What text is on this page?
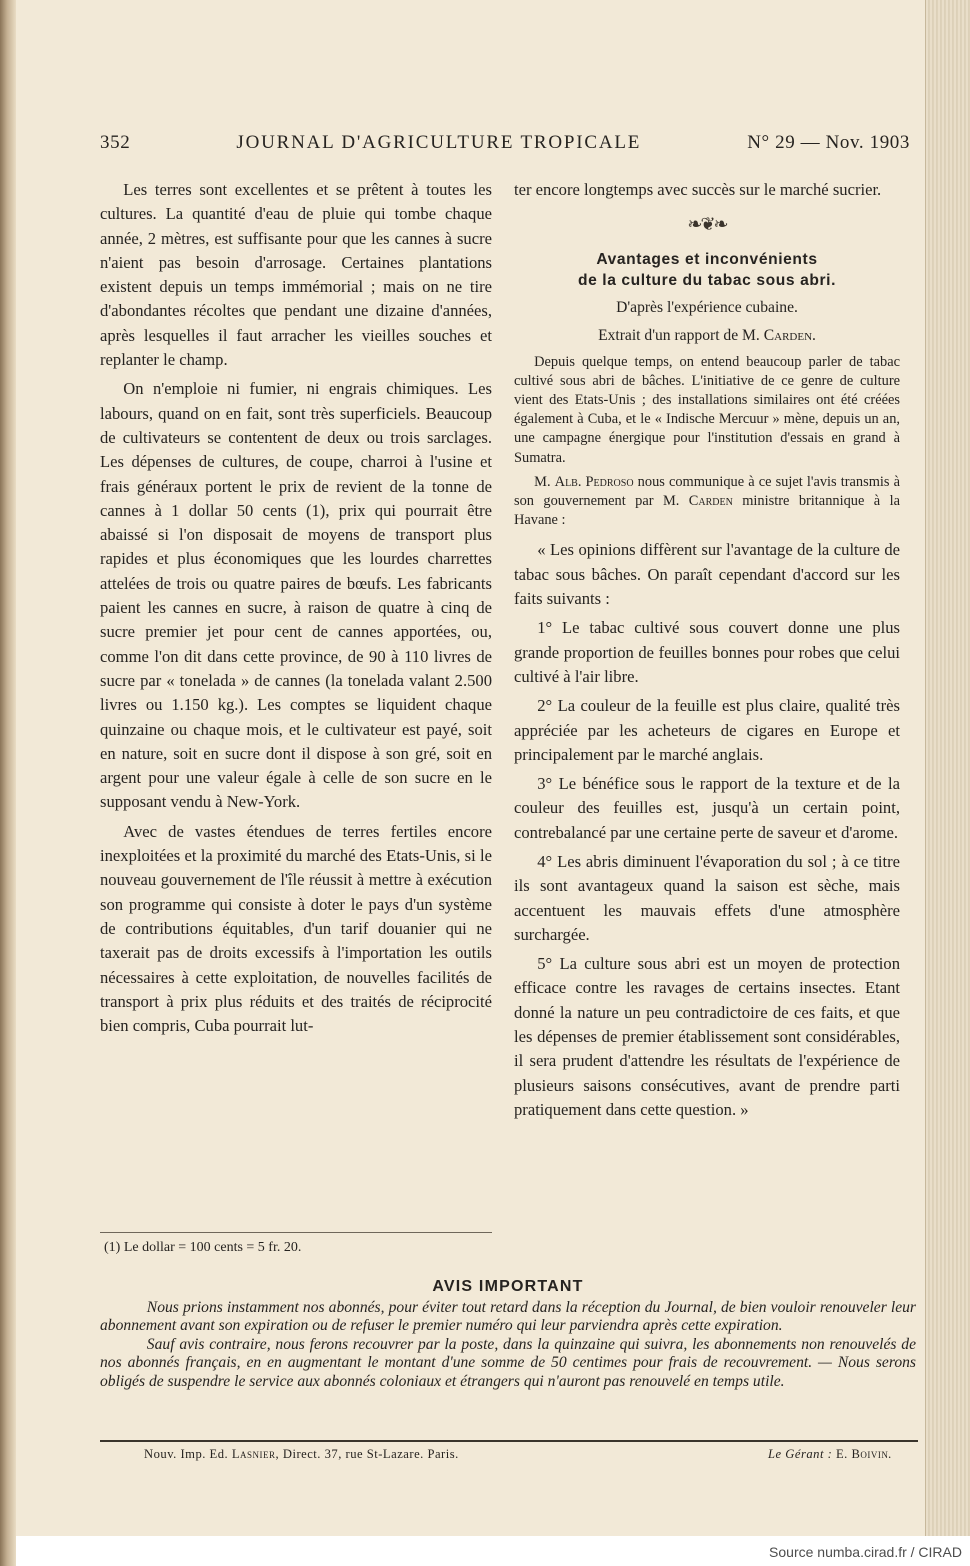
352	JOURNAL D'AGRICULTURE TROPICALE	N° 29 — Nov. 1903

Les terres sont excellentes et se prêtent à toutes les cultures. La quantité d'eau de pluie qui tombe chaque année, 2 mètres, est suffisante pour que les cannes à sucre n'aient pas besoin d'arrosage. Certaines plantations existent depuis un temps immémorial ; mais on ne tire d'abondantes récoltes que pendant une dizaine d'années, après lesquelles il faut arracher les vieilles souches et replanter le champ.

On n'emploie ni fumier, ni engrais chimiques. Les labours, quand on en fait, sont très superficiels. Beaucoup de cultivateurs se contentent de deux ou trois sarclages. Les dépenses de cultures, de coupe, charroi à l'usine et frais généraux portent le prix de revient de la tonne de cannes à 1 dollar 50 cents (1), prix qui pourrait être abaissé si l'on disposait de moyens de transport plus rapides et plus économiques que les lourdes charrettes attelées de trois ou quatre paires de bœufs. Les fabricants paient les cannes en sucre, à raison de quatre à cinq de sucre premier jet pour cent de cannes apportées, ou, comme l'on dit dans cette province, de 90 à 110 livres de sucre par « tonelada » de cannes (la tonelada valant 2.500 livres ou 1.150 kg.). Les comptes se liquident chaque quinzaine ou chaque mois, et le cultivateur est payé, soit en nature, soit en sucre dont il dispose à son gré, soit en argent pour une valeur égale à celle de son sucre en le supposant vendu à New-York.

Avec de vastes étendues de terres fertiles encore inexploitées et la proximité du marché des Etats-Unis, si le nouveau gouvernement de l'île réussit à mettre à exécution son programme qui consiste à doter le pays d'un système de contributions équitables, d'un tarif douanier qui ne taxerait pas de droits excessifs à l'importation les outils nécessaires à cette exploitation, de nouvelles facilités de transport à prix plus réduits et des traités de réciprocité bien compris, Cuba pourrait lut-

(1) Le dollar = 100 cents = 5 fr. 20.

ter encore longtemps avec succès sur le marché sucrier.

❧❦❧
Avantages et inconvénients
de la culture du tabac sous abri.
D'après l'expérience cubaine.
Extrait d'un rapport de M. Carden.

Depuis quelque temps, on entend beaucoup parler de tabac cultivé sous abri de bâches. L'initiative de ce genre de culture vient des Etats-Unis ; des installations similaires ont été créées également à Cuba, et le « Indische Mercuur » mène, depuis un an, une campagne énergique pour l'institution d'essais en grand à Sumatra.

M. Alb. Pedroso nous communique à ce sujet l'avis transmis à son gouvernement par M. Carden ministre britannique à la Havane :

« Les opinions diffèrent sur l'avantage de la culture de tabac sous bâches. On paraît cependant d'accord sur les faits suivants :

1° Le tabac cultivé sous couvert donne une plus grande proportion de feuilles bonnes pour robes que celui cultivé à l'air libre.

2° La couleur de la feuille est plus claire, qualité très appréciée par les acheteurs de cigares en Europe et principalement par le marché anglais.

3° Le bénéfice sous le rapport de la texture et de la couleur des feuilles est, jusqu'à un certain point, contrebalancé par une certaine perte de saveur et d'arome.

4° Les abris diminuent l'évaporation du sol ; à ce titre ils sont avantageux quand la saison est sèche, mais accentuent les mauvais effets d'une atmosphère surchargée.

5° La culture sous abri est un moyen de protection efficace contre les ravages de certains insectes. Etant donné la nature un peu contradictoire de ces faits, et que les dépenses de premier établissement sont considérables, il sera prudent d'attendre les résultats de l'expérience de plusieurs saisons consécutives, avant de prendre parti pratiquement dans cette question. »

AVIS IMPORTANT

Nous prions instamment nos abonnés, pour éviter tout retard dans la réception du Journal, de bien vouloir renouveler leur abonnement avant son expiration ou de refuser le premier numéro qui leur parviendra après cette expiration.

Sauf avis contraire, nous ferons recouvrer par la poste, dans la quinzaine qui suivra, les abonnements non renouvelés de nos abonnés français, en en augmentant le montant d'une somme de 50 centimes pour frais de recouvrement. — Nous serons obligés de suspendre le service aux abonnés coloniaux et étrangers qui n'auront pas renouvelé en temps utile.

Nouv. Imp. Ed. Lasnier, Direct. 37, rue St-Lazare. Paris.	Le Gérant : E. Boivin.
Source numba.cirad.fr / CIRAD
